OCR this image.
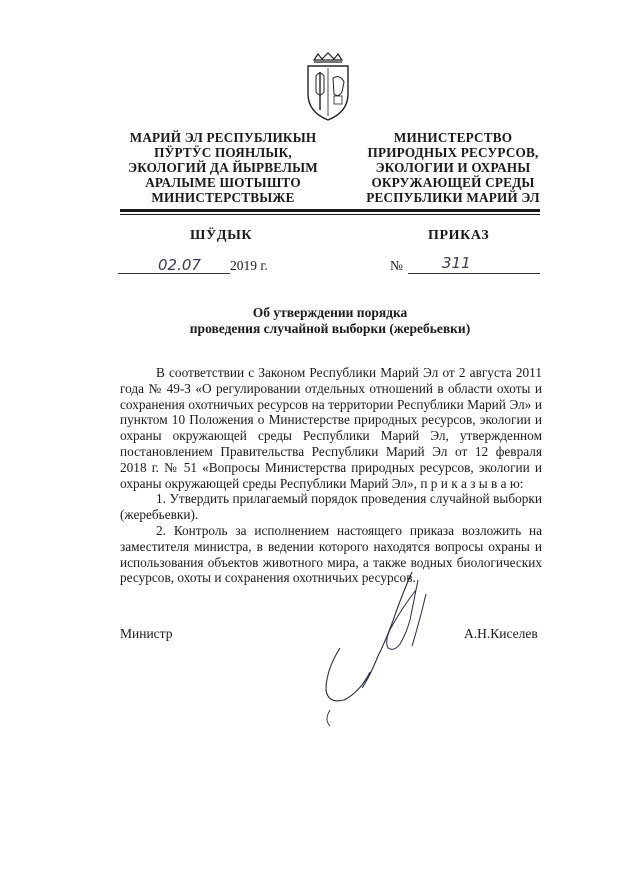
МАРИЙ ЭЛ РЕСПУБЛИКЫН
ПӰРТӰС ПОЯНЛЫК,
ЭКОЛОГИЙ ДА ЙЫРВЕЛЫМ
АРАЛЫМЕ ШОТЫШТО
МИНИСТЕРСТВЫЖЕ
МИНИСТЕРСТВО
ПРИРОДНЫХ РЕСУРСОВ,
ЭКОЛОГИИ И ОХРАНЫ
ОКРУЖАЮЩЕЙ СРЕДЫ
РЕСПУБЛИКИ МАРИЙ ЭЛ
ШӰДЫК	ПРИКАЗ
02.07 2019 г.	№	311
Об утверждении порядка
проведения случайной выборки (жеребьевки)

В соответствии с Законом Республики Марий Эл от 2 августа 2011 года № 49-З «О регулировании отдельных отношений в области охоты и сохранения охотничьих ресурсов на территории Республики Марий Эл» и пунктом 10 Положения о Министерстве природных ресурсов, экологии и охраны окружающей среды Республики Марий Эл, утвержденном постановлением Правительства Республики Марий Эл от 12 февраля 2018 г. № 51 «Вопросы Министерства природных ресурсов, экологии и охраны окружающей среды Республики Марий Эл», п р и к а з ы в а ю:

1. Утвердить прилагаемый порядок проведения случайной выборки (жеребьевки).

2. Контроль за исполнением настоящего приказа возложить на заместителя министра, в ведении которого находятся вопросы охраны и использования объектов животного мира, а также водных биологических ресурсов, охоты и сохранения охотничьих ресурсов.

Министр	А.Н.Киселев
